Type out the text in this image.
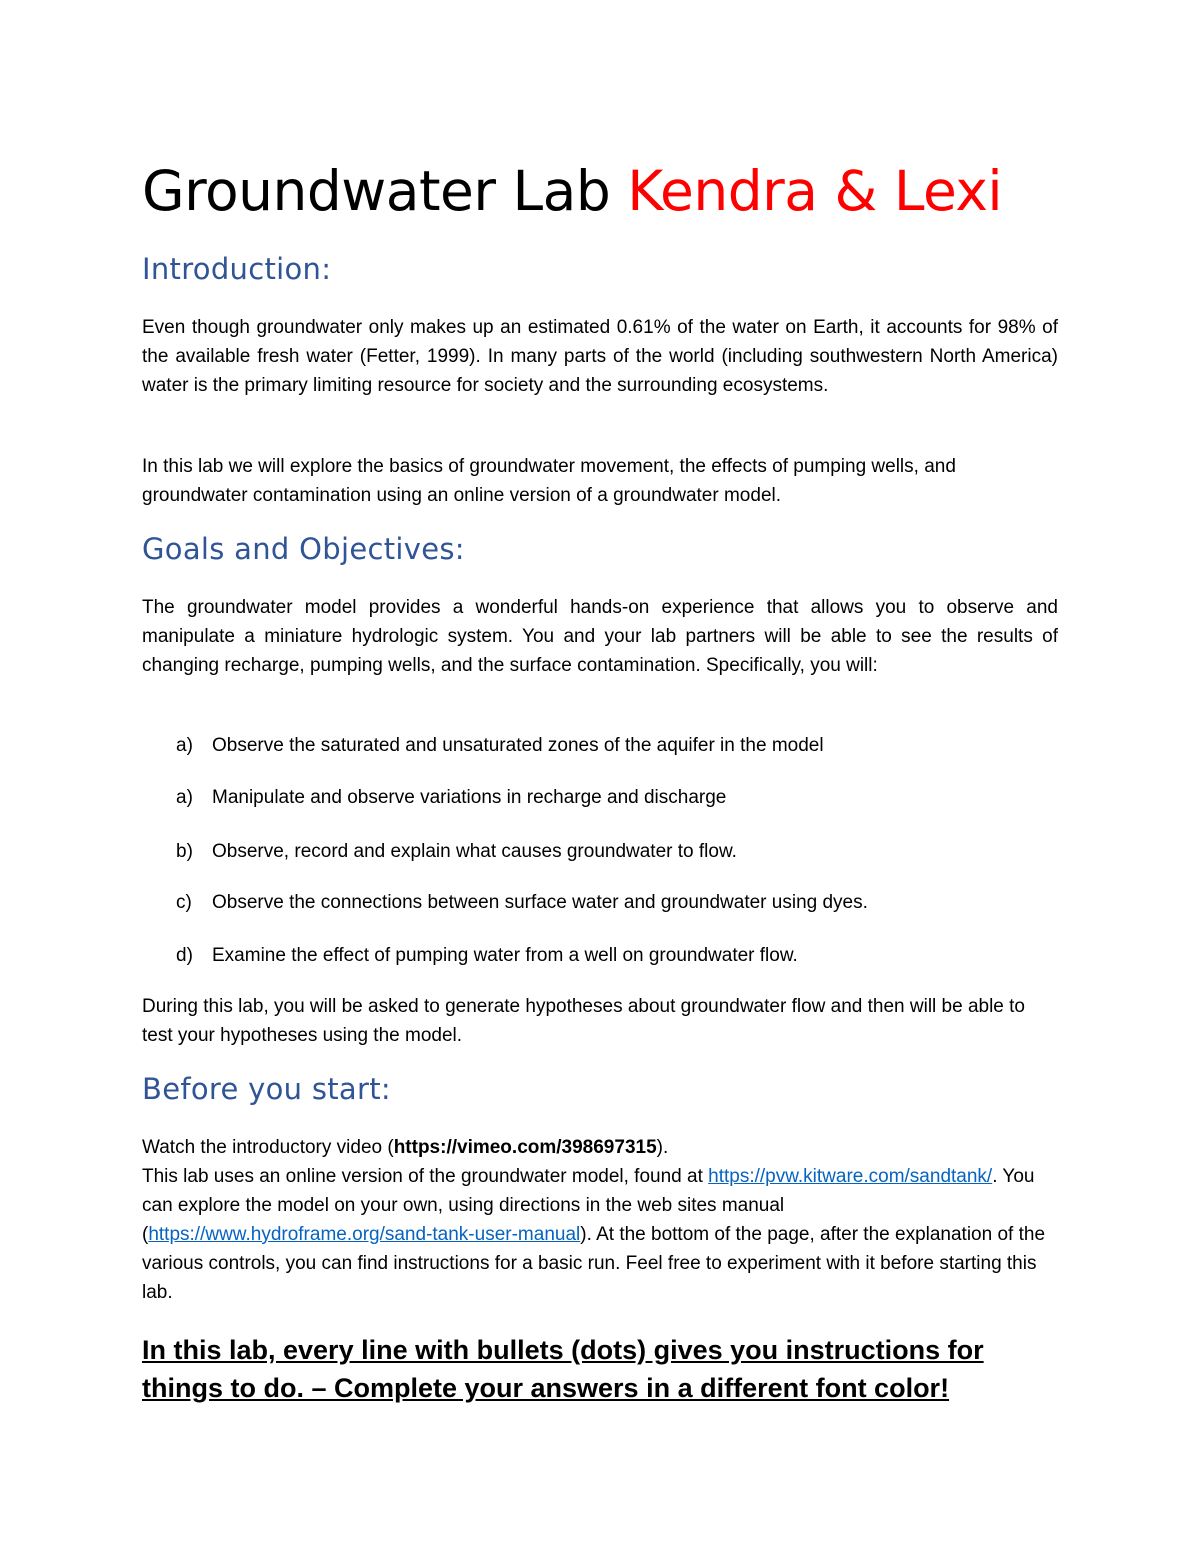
Groundwater Lab Kendra & Lexi
Introduction:

Even though groundwater only makes up an estimated 0.61% of the water on Earth, it accounts for 98% of the available fresh water (Fetter, 1999). In many parts of the world (including southwestern North America) water is the primary limiting resource for society and the surrounding ecosystems.

In this lab we will explore the basics of groundwater movement, the effects of pumping wells, and groundwater contamination using an online version of a groundwater model.

Goals and Objectives:

The groundwater model provides a wonderful hands-on experience that allows you to observe and manipulate a miniature hydrologic system. You and your lab partners will be able to see the results of changing recharge, pumping wells, and the surface contamination. Specifically, you will:

a) Observe the saturated and unsaturated zones of the aquifer in the model
a) Manipulate and observe variations in recharge and discharge
b) Observe, record and explain what causes groundwater to flow.
c) Observe the connections between surface water and groundwater using dyes.
d) Examine the effect of pumping water from a well on groundwater flow.

During this lab, you will be asked to generate hypotheses about groundwater flow and then will be able to test your hypotheses using the model.

Before you start:

Watch the introductory video (https://vimeo.com/398697315).
This lab uses an online version of the groundwater model, found at https://pvw.kitware.com/sandtank/. You can explore the model on your own, using directions in the web sites manual (https://www.hydroframe.org/sand-tank-user-manual). At the bottom of the page, after the explanation of the various controls, you can find instructions for a basic run. Feel free to experiment with it before starting this lab.

In this lab, every line with bullets (dots) gives you instructions for things to do. – Complete your answers in a different font color!
